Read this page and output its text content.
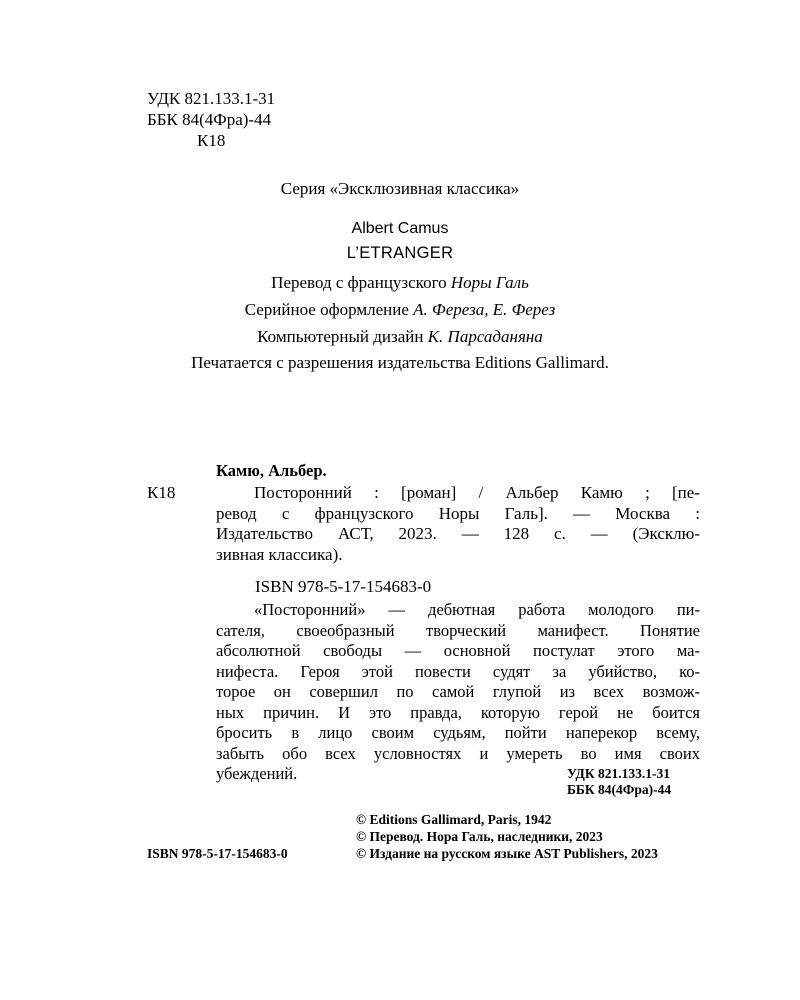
УДК 821.133.1-31
ББК 84(4Фра)-44
К18
Серия «Эксклюзивная классика»
Albert Camus
L’ETRANGER
Перевод с французского Норы Галь
Серийное оформление А. Фереза, Е. Ферез
Компьютерный дизайн К. Парсаданяна
Печатается с разрешения издательства Editions Gallimard.
Камю, Альбер.
К18	Посторонний : [роман] / Альбер Камю ; [пе-
ревод с французского Норы Галь]. — Москва :
Издательство АСТ, 2023. — 128 с. — (Эксклю-
зивная классика).
ISBN 978-5-17-154683-0
«Посторонний» — дебютная работа молодого пи-
сателя, своеобразный творческий манифест. Понятие
абсолютной свободы — основной постулат этого ма-
нифеста. Героя этой повести судят за убийство, ко-
торое он совершил по самой глупой из всех возмож-
ных причин. И это правда, которую герой не боится
бросить в лицо своим судьям, пойти наперекор всему,
забыть обо всех условностях и умереть во имя своих
убеждений.	УДК 821.133.1-31
ББК 84(4Фра)-44
© Editions Gallimard, Paris, 1942
© Перевод. Нора Галь, наследники, 2023
© Издание на русском языке AST Publishers, 2023
ISBN 978-5-17-154683-0
